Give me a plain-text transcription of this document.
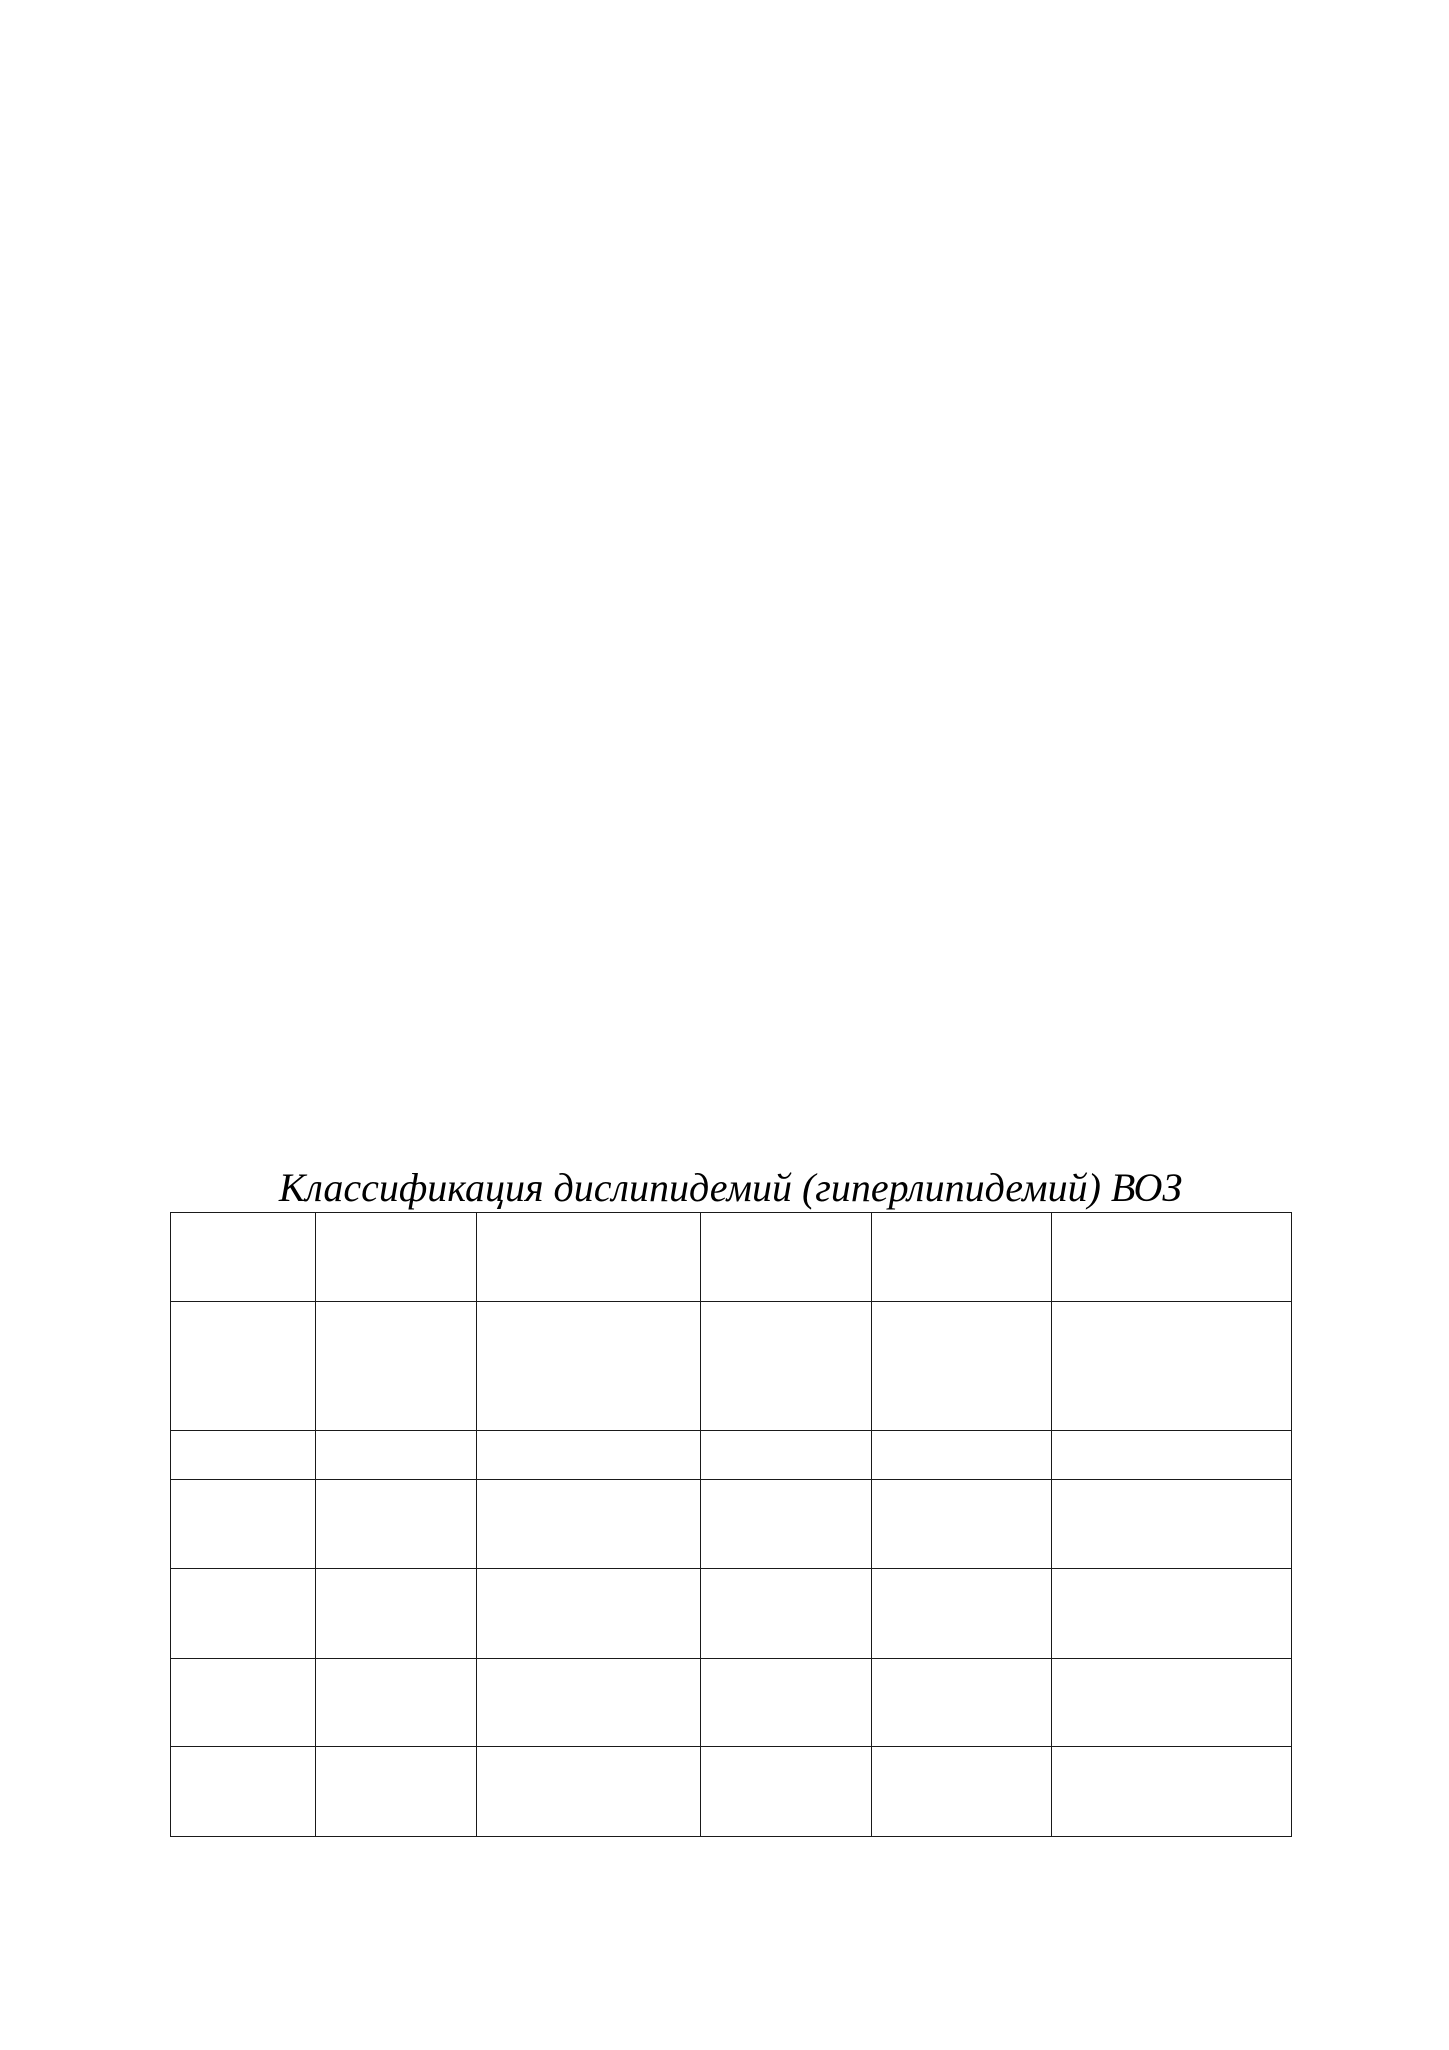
Классификация дислипидемий (гиперлипидемий) ВОЗ
